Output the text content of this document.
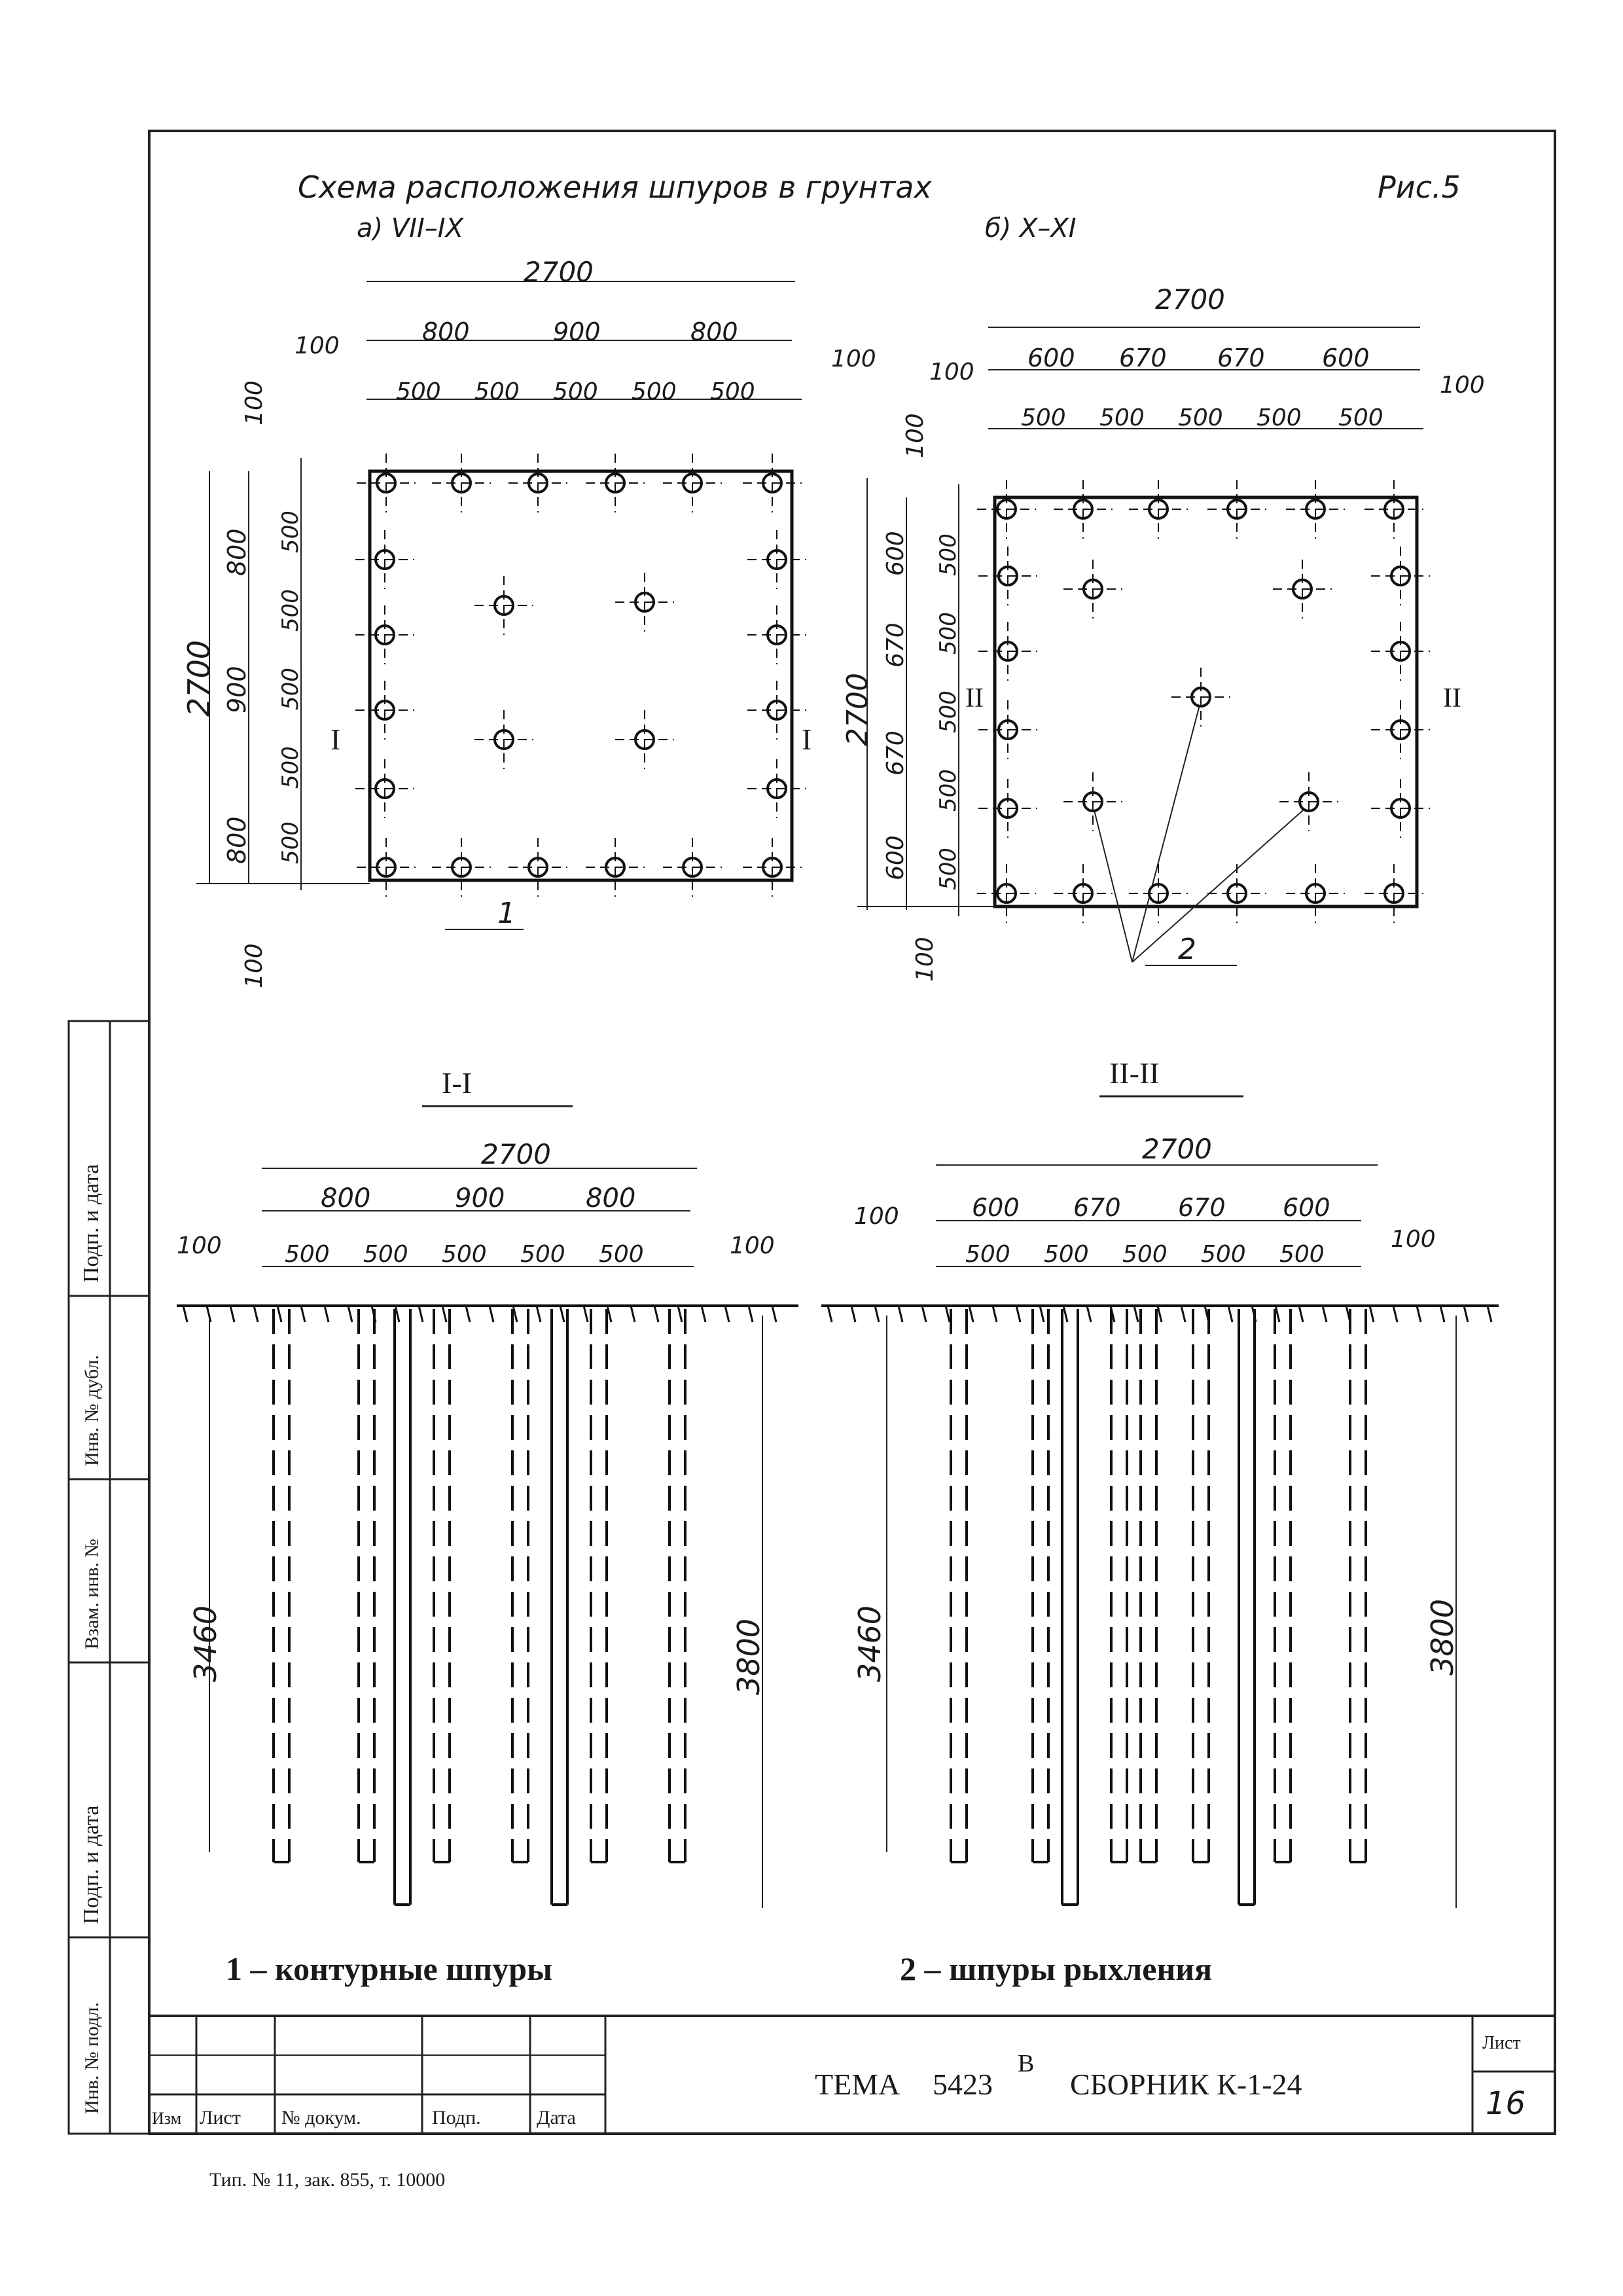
Инв. № подл.
Подп. и дата
Взам. инв. №
Инв. № дубл.
Подп. и дата
Схема расположения шпуров в грунтах	Рис.5
а) VII–IX	б) X–XI
2700
800	900	800
500 500 500 500 500
100	100
100
100
2700
800
900
800
500
500
500
500
500
I	I
1
2700
600 670 670 600
500 500 500 500 500
100	100
100
100
2700
600
670
670
600
500
500
500
500
500
II	II
2
I-I
2700
800	900	800
500 500 500 500 500
100	100
3460	3800
II-II
2700
600 670 670 600
500 500 500 500 500
100
100
3460	3800
1 – контурные шпуры	2 – шпуры рыхления
Изм Лист № докум.	Подп.	Дата
ТЕМА 5423
В
СБОРНИК К-1-24
Лист
16
Тип. № 11, зак. 855, т. 10000
